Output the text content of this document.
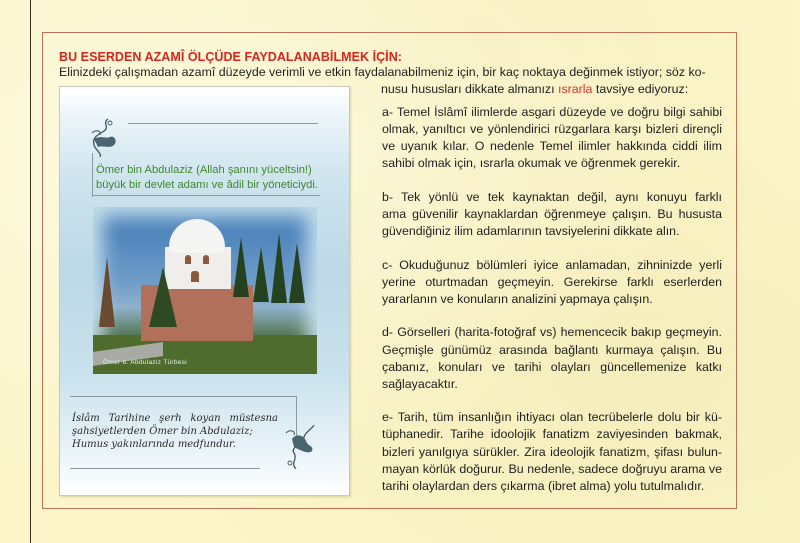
BU ESERDEN AZAMÎ ÖLÇÜDE FAYDALANABİLMEK İÇİN:
Elinizdeki çalışmadan azamî düzeyde verimli ve etkin faydalanabilmeniz için, bir kaç noktaya değinmek istiyor; söz ko-
nusu hususları dikkate almanızı ısrarla tavsiye ediyoruz:
Ömer bin Abdulaziz (Allah şanını yüceltsin!)
büyük bir devlet adamı ve âdil bir yöneticiydi.
Ömer b. Abdulaziz Türbesi
İslâm Tarihine şerh koyan müstesna
şahsiyetlerden Ömer bin Abdulaziz;
Humus yakınlarında medfundur.
a- Temel İslâmî ilimlerde asgari düzeyde ve doğru bilgi sahibi
olmak, yanıltıcı ve yönlendirici rüzgarlara karşı bizleri dirençli
ve uyanık kılar. O nedenle Temel ilimler hakkında ciddi ilim
sahibi olmak için, ısrarla okumak ve öğrenmek gerekir.
b- Tek yönlü ve tek kaynaktan değil, aynı konuyu farklı
ama güvenilir kaynaklardan öğrenmeye çalışın. Bu hususta
güvendiğiniz ilim adamlarının tavsiyelerini dikkate alın.
c- Okuduğunuz bölümleri iyice anlamadan, zihninizde yerli
yerine oturtmadan geçmeyin. Gerekirse farklı eserlerden
yararlanın ve konuların analizini yapmaya çalışın.
d- Görselleri (harita-fotoğraf vs) hemencecik bakıp geçmeyin.
Geçmişle günümüz arasında bağlantı kurmaya çalışın. Bu
çabanız, konuları ve tarihi olayları güncellemenize katkı
sağlayacaktır.
e- Tarih, tüm insanlığın ihtiyacı olan tecrübelerle dolu bir kü-
tüphanedir. Tarihe idoolojik fanatizm zaviyesinden bakmak,
bizleri yanılgıya sürükler. Zira ideolojik fanatizm, şifası bulun-
mayan körlük doğurur. Bu nedenle, sadece doğruyu arama ve
tarihi olaylardan ders çıkarma (ibret alma) yolu tutulmalıdır.
